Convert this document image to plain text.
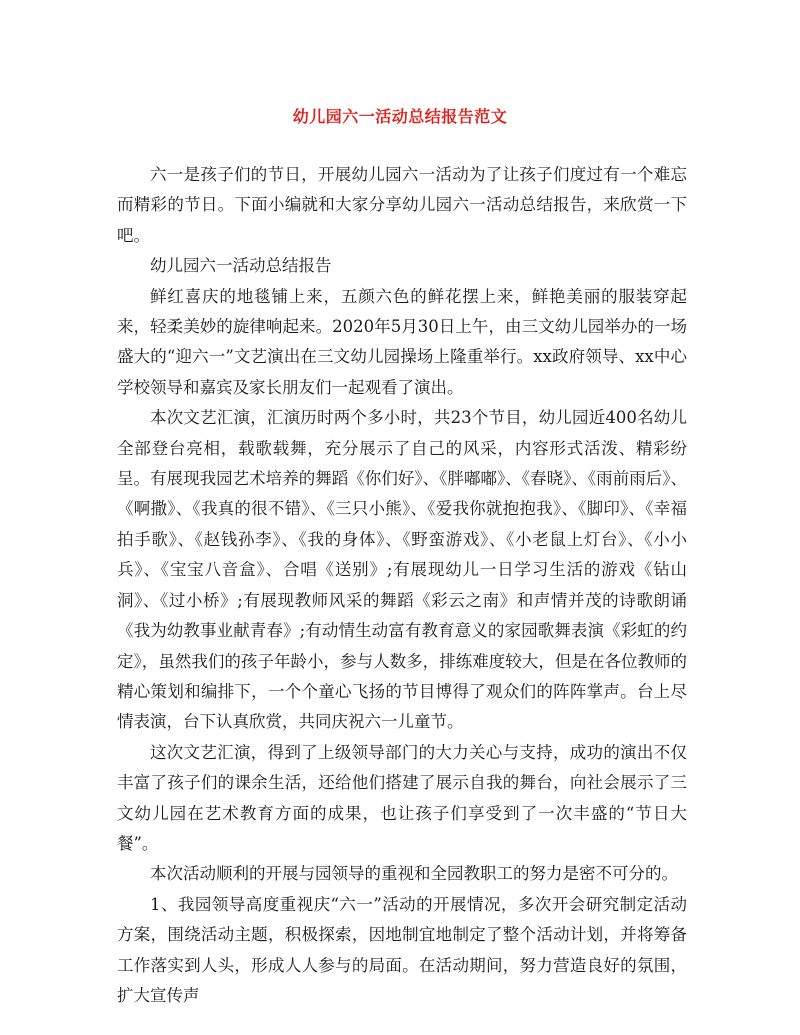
幼儿园六一活动总结报告范文

六一是孩子们的节日，开展幼儿园六一活动为了让孩子们度过有一个难忘而精彩的节日。下面小编就和大家分享幼儿园六一活动总结报告，来欣赏一下吧。

幼儿园六一活动总结报告

鲜红喜庆的地毯铺上来，五颜六色的鲜花摆上来，鲜艳美丽的服装穿起来，轻柔美妙的旋律响起来。2020年5月30日上午，由三文幼儿园举办的一场盛大的“迎六一”文艺演出在三文幼儿园操场上隆重举行。xx政府领导、xx中心学校领导和嘉宾及家长朋友们一起观看了演出。

本次文艺汇演，汇演历时两个多小时，共23个节目，幼儿园近400名幼儿全部登台亮相，载歌载舞，充分展示了自己的风采，内容形式活泼、精彩纷呈。有展现我园艺术培养的舞蹈《你们好》、《胖嘟嘟》、《春晓》、《雨前雨后》、《啊撒》、《我真的很不错》、《三只小熊》、《爱我你就抱抱我》、《脚印》、《幸福拍手歌》、《赵钱孙李》、《我的身体》、《野蛮游戏》、《小老鼠上灯台》、《小小兵》、《宝宝八音盒》、合唱《送别》;有展现幼儿一日学习生活的游戏《钻山洞》、《过小桥》;有展现教师风采的舞蹈《彩云之南》和声情并茂的诗歌朗诵《我为幼教事业献青春》;有动情生动富有教育意义的家园歌舞表演《彩虹的约定》，虽然我们的孩子年龄小，参与人数多，排练难度较大，但是在各位教师的精心策划和编排下，一个个童心飞扬的节目博得了观众们的阵阵掌声。台上尽情表演，台下认真欣赏，共同庆祝六一儿童节。

这次文艺汇演，得到了上级领导部门的大力关心与支持，成功的演出不仅丰富了孩子们的课余生活，还给他们搭建了展示自我的舞台，向社会展示了三文幼儿园在艺术教育方面的成果，也让孩子们享受到了一次丰盛的“节日大餐”。

本次活动顺利的开展与园领导的重视和全园教职工的努力是密不可分的。

1、我园领导高度重视庆“六一”活动的开展情况，多次开会研究制定活动方案，围绕活动主题，积极探索，因地制宜地制定了整个活动计划，并将筹备工作落实到人头，形成人人参与的局面。在活动期间，努力营造良好的氛围，扩大宣传声
